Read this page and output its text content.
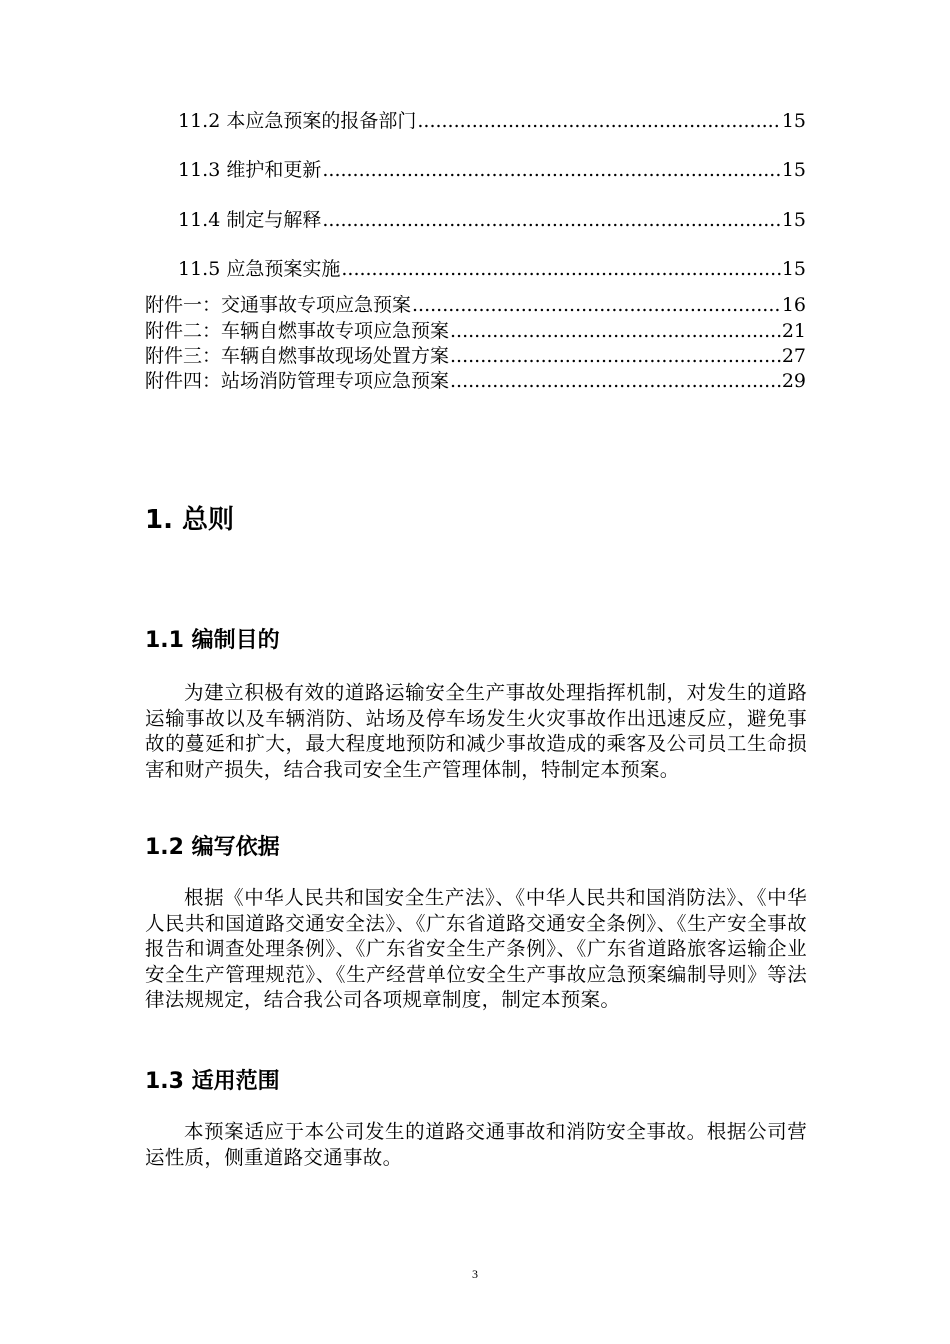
11.2 本应急预案的报备部门 .....	15
11.3 维护和更新 .....	15
11.4 制定与解释 .....	15
11.5 应急预案实施 .....	15
附件一：交通事故专项应急预案 .....	16
附件二：车辆自燃事故专项应急预案 .....	21
附件三：车辆自燃事故现场处置方案 .....	27
附件四：站场消防管理专项应急预案 .....	29
1. 总则
1.1 编制目的

为建立积极有效的道路运输安全生产事故处理指挥机制，对发生的道路运输事故以及车辆消防、站场及停车场发生火灾事故作出迅速反应，避免事故的蔓延和扩大，最大程度地预防和减少事故造成的乘客及公司员工生命损害和财产损失，结合我司安全生产管理体制，特制定本预案。

1.2 编写依据

根据《中华人民共和国安全生产法》、《中华人民共和国消防法》、《中华人民共和国道路交通安全法》、《广东省道路交通安全条例》、《生产安全事故报告和调查处理条例》、《广东省安全生产条例》、《广东省道路旅客运输企业安全生产管理规范》、《生产经营单位安全生产事故应急预案编制导则》等法律法规规定，结合我公司各项规章制度，制定本预案。

1.3 适用范围

本预案适应于本公司发生的道路交通事故和消防安全事故。根据公司营运性质，侧重道路交通事故。

3
